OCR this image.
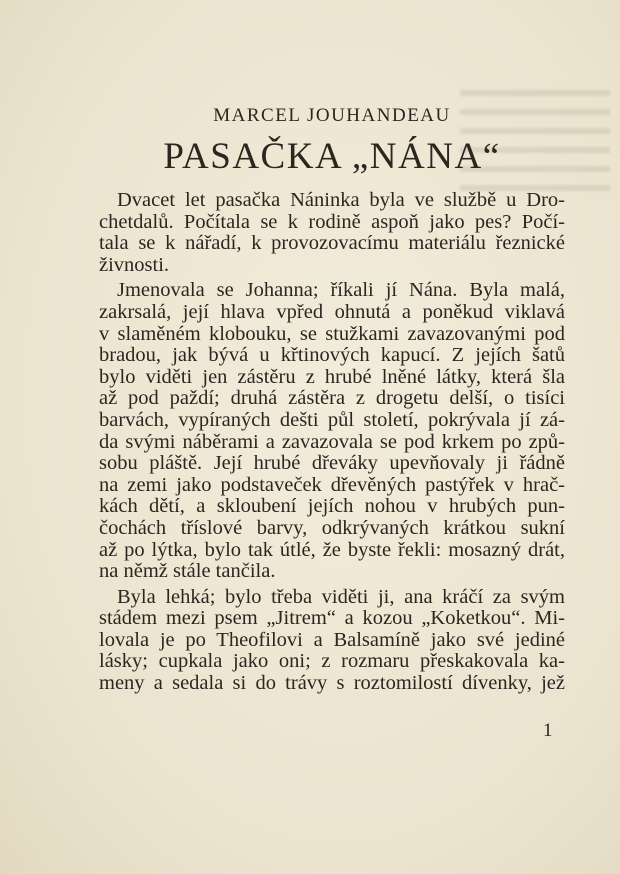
MARCEL JOUHANDEAU
PASAČKA „NÁNA“
Dvacet let pasačka Náninka byla ve službě u Dro-
chetdalů. Počítala se k rodině aspoň jako pes? Počí-
tala se k nářadí, k provozovacímu materiálu řeznické
živnosti.
Jmenovala se Johanna; říkali jí Nána. Byla malá,
zakrsalá, její hlava vpřed ohnutá a poněkud viklavá
v slaměném klobouku, se stužkami zavazovanými pod
bradou, jak bývá u křtinových kapucí. Z jejích šatů
bylo viděti jen zástěru z hrubé lněné látky, která šla
až pod paždí; druhá zástěra z drogetu delší, o tisíci
barvách, vypíraných dešti půl století, pokrývala jí zá-
da svými náběrami a zavazovala se pod krkem po způ-
sobu pláště. Její hrubé dřeváky upevňovaly ji řádně
na zemi jako podstaveček dřevěných pastýřek v hrač-
kách dětí, a skloubení jejích nohou v hrubých pun-
čochách tříslové barvy, odkrývaných krátkou sukní
až po lýtka, bylo tak útlé, že byste řekli: mosazný drát,
na němž stále tančila.
Byla lehká; bylo třeba viděti ji, ana kráčí za svým
stádem mezi psem „Jitrem“ a kozou „Koketkou“. Mi-
lovala je po Theofilovi a Balsamíně jako své jediné
lásky; cupkala jako oni; z rozmaru přeskakovala ka-
meny a sedala si do trávy s roztomilostí dívenky, jež
1
